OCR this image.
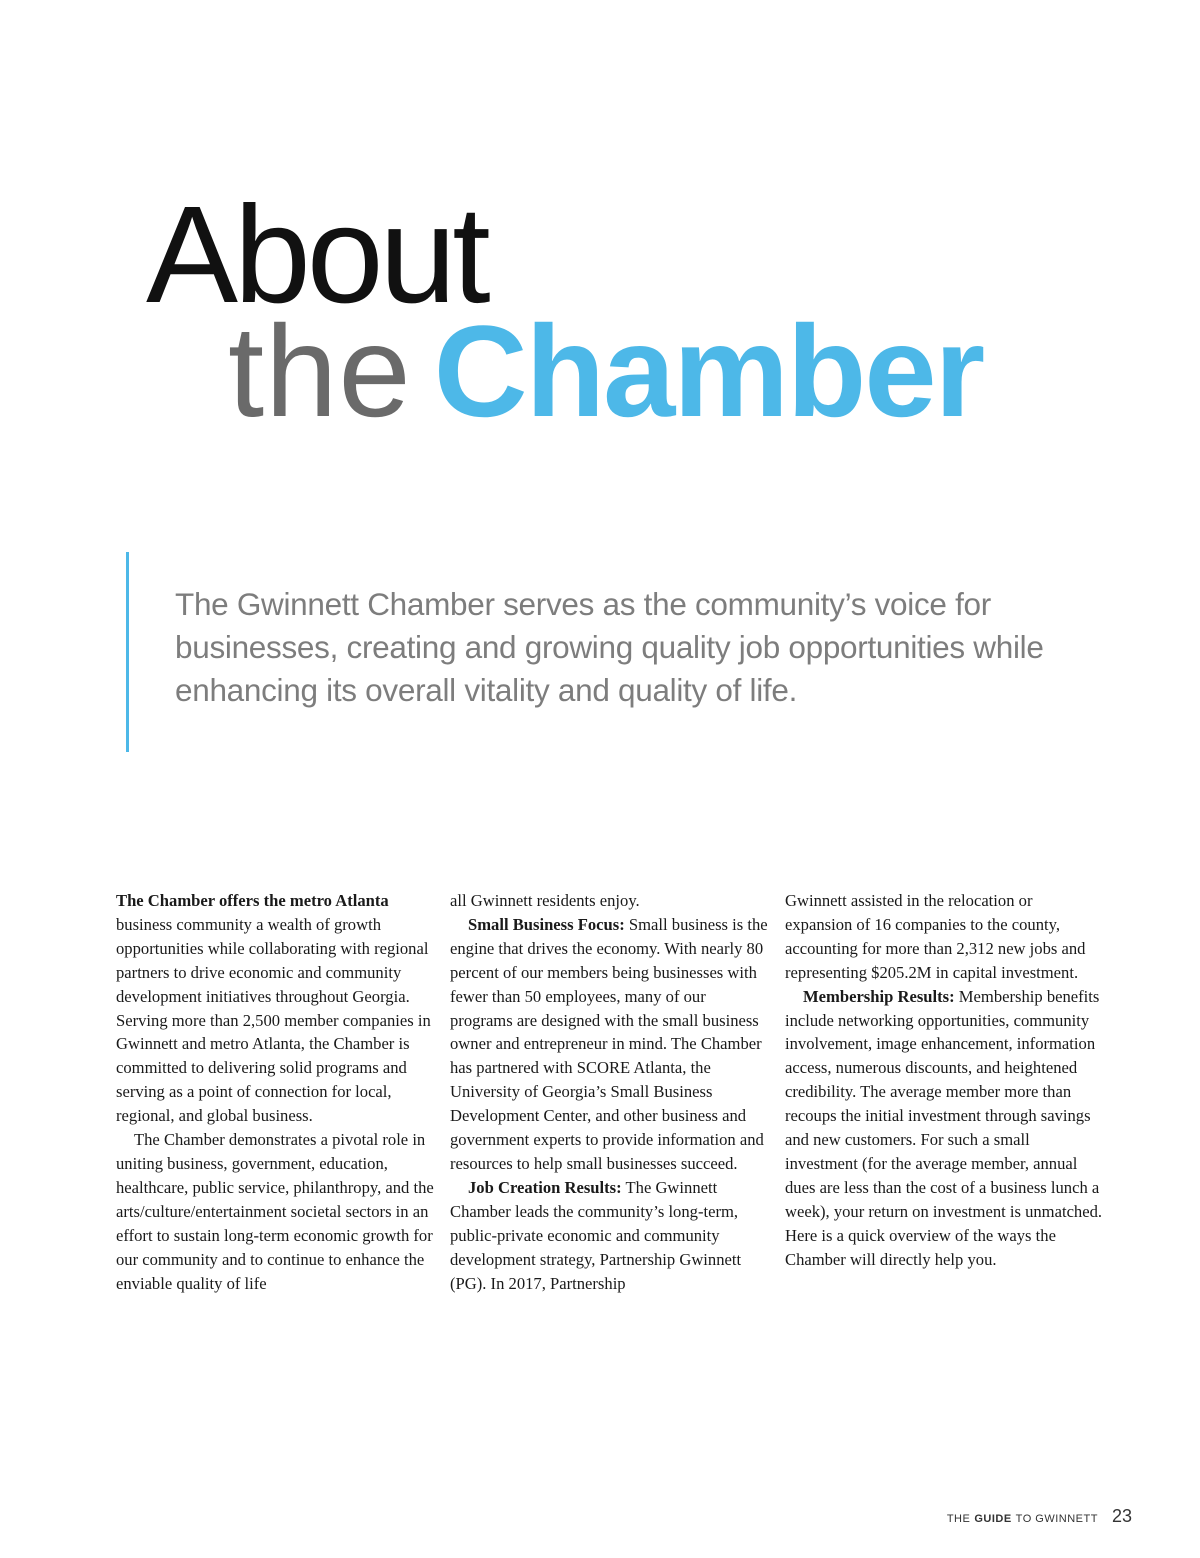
About
the Chamber

The Gwinnett Chamber serves as the community’s voice for businesses, creating and growing quality job opportunities while enhancing its overall vitality and quality of life.

The Chamber offers the metro Atlanta business community a wealth of growth opportunities while collaborating with regional partners to drive economic and community development initiatives throughout Georgia. Serving more than 2,500 member companies in Gwinnett and metro Atlanta, the Chamber is committed to delivering solid programs and serving as a point of connection for local, regional, and global business.

The Chamber demonstrates a pivotal role in uniting business, government, education, healthcare, public service, philanthropy, and the arts/culture/entertainment societal sectors in an effort to sustain long-term economic growth for our community and to continue to enhance the enviable quality of life

all Gwinnett residents enjoy.

Small Business Focus: Small business is the engine that drives the economy. With nearly 80 percent of our members being businesses with fewer than 50 employees, many of our programs are designed with the small business owner and entrepreneur in mind. The Chamber has partnered with SCORE Atlanta, the University of Georgia’s Small Business Development Center, and other business and government experts to provide information and resources to help small businesses succeed.

Job Creation Results: The Gwinnett Chamber leads the community’s long-term, public-private economic and community development strategy, Partnership Gwinnett (PG). In 2017, Partnership

Gwinnett assisted in the relocation or expansion of 16 companies to the county, accounting for more than 2,312 new jobs and representing $205.2M in capital investment.

Membership Results: Membership benefits include networking opportunities, community involvement, image enhancement, information access, numerous discounts, and heightened credibility. The average member more than recoups the initial investment through savings and new customers. For such a small investment (for the average member, annual dues are less than the cost of a business lunch a week), your return on investment is unmatched. Here is a quick overview of the ways the Chamber will directly help you.

THE GUIDE TO GWINNETT 23
